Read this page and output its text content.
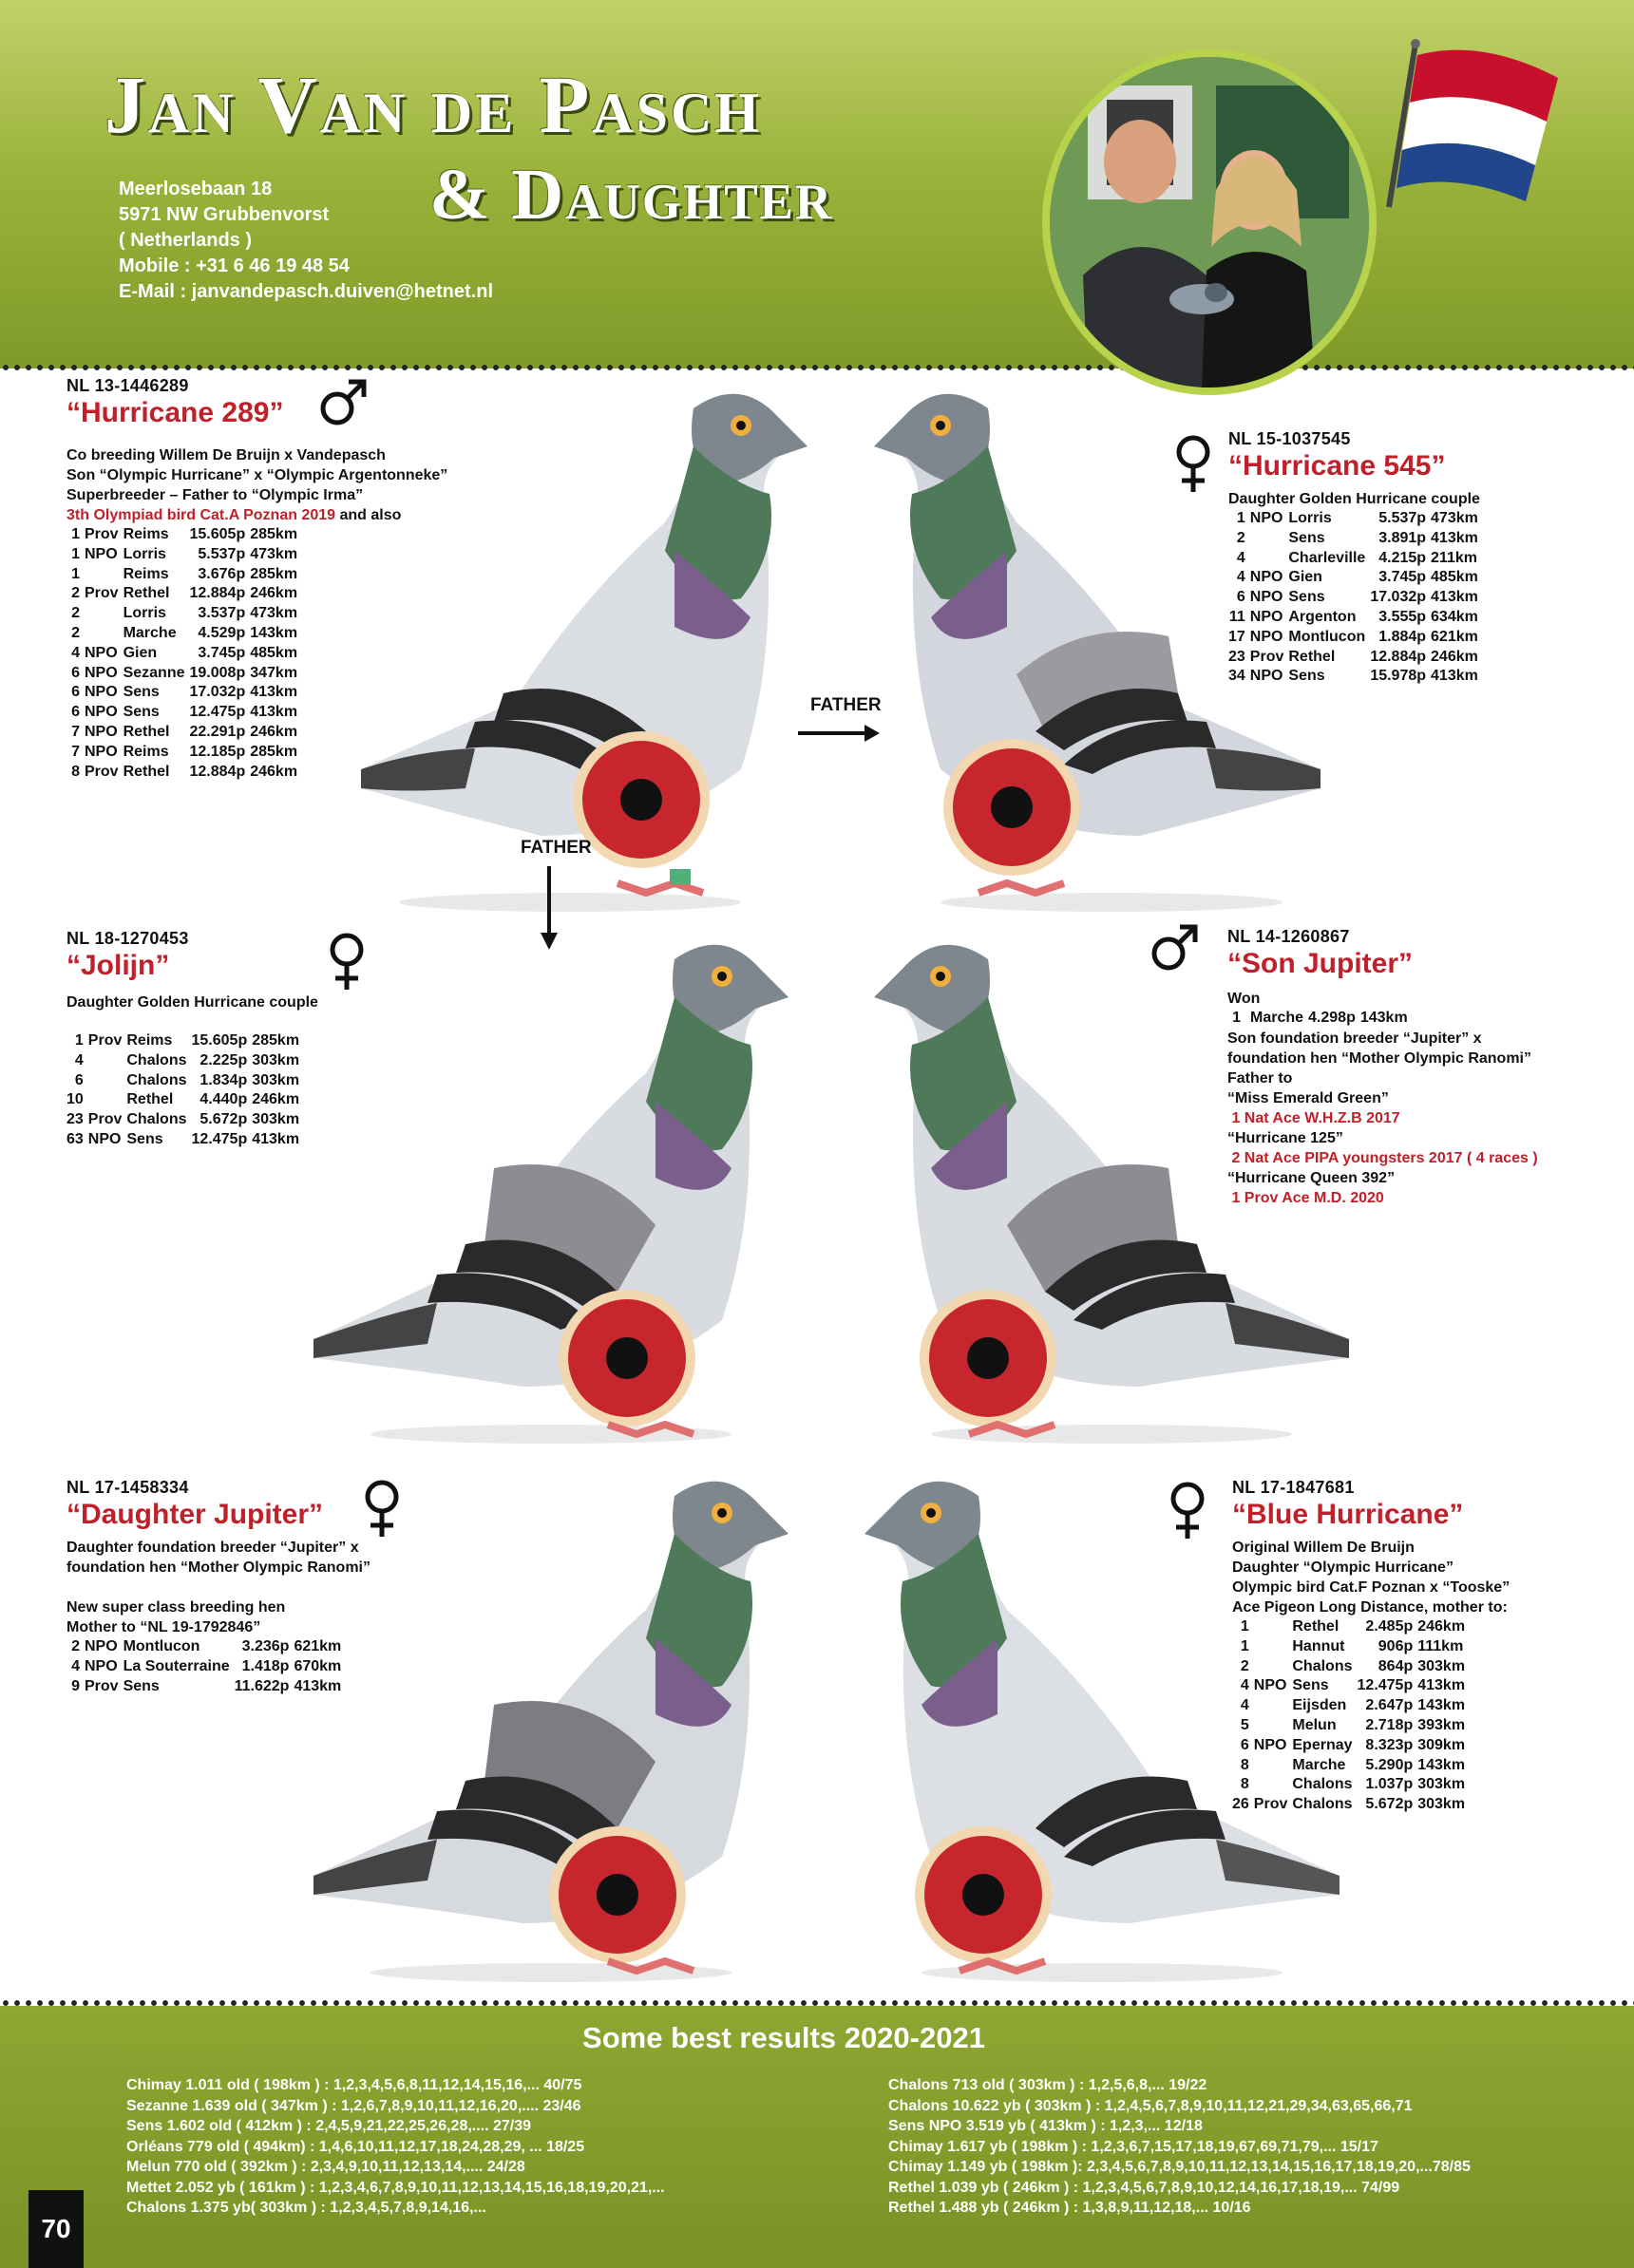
Jan Van de Pasch
& Daughter
Meerlosebaan 18
5971 NW Grubbenvorst
( Netherlands )
Mobile : +31 6 46 19 48 54
E-Mail : janvandepasch.duiven@hetnet.nl
FATHER
FATHER
NL 13-1446289
“Hurricane 289”
Co breeding Willem De Bruijn x Vandepasch
Son “Olympic Hurricane” x “Olympic Argentonneke”
Superbreeder – Father to “Olympic Irma”
3th Olympiad bird Cat.A Poznan 2019 and also
1	Prov	Reims	15.605p	285km
1	NPO	Lorris	5.537p	473km
1		Reims	3.676p	285km
2	Prov	Rethel	12.884p	246km
2		Lorris	3.537p	473km
2		Marche	4.529p	143km
4	NPO	Gien	3.745p	485km
6	NPO	Sezanne	19.008p	347km
6	NPO	Sens	17.032p	413km
6	NPO	Sens	12.475p	413km
7	NPO	Rethel	22.291p	246km
7	NPO	Reims	12.185p	285km
8	Prov	Rethel	12.884p	246km
NL 15-1037545
“Hurricane 545”
Daughter Golden Hurricane couple
1	NPO	Lorris	5.537p	473km
2		Sens	3.891p	413km
4		Charleville	4.215p	211km
4	NPO	Gien	3.745p	485km
6	NPO	Sens	17.032p	413km
11	NPO	Argenton	3.555p	634km
17	NPO	Montlucon	1.884p	621km
23	Prov	Rethel	12.884p	246km
34	NPO	Sens	15.978p	413km
NL 18-1270453
“Jolijn”
Daughter Golden Hurricane couple
1	Prov	Reims	15.605p	285km
4		Chalons	2.225p	303km
6		Chalons	1.834p	303km
10		Rethel	4.440p	246km
23	Prov	Chalons	5.672p	303km
63	NPO	Sens	12.475p	413km
NL 14-1260867
“Son Jupiter”
Won
1		Marche	4.298p	143km
Son foundation breeder “Jupiter” x
foundation hen “Mother Olympic Ranomi”
Father to
“Miss Emerald Green”
1 Nat Ace W.H.Z.B 2017
“Hurricane 125”
2 Nat Ace PIPA youngsters 2017 ( 4 races )
“Hurricane Queen 392”
1 Prov Ace M.D. 2020
NL 17-1458334
“Daughter Jupiter”
Daughter foundation breeder “Jupiter” x
foundation hen “Mother Olympic Ranomi”

New super class breeding hen
Mother to “NL 19-1792846”
2	NPO	Montlucon	3.236p	621km
4	NPO	La Souterraine	1.418p	670km
9	Prov	Sens	11.622p	413km
NL 17-1847681
“Blue Hurricane”
Original Willem De Bruijn
Daughter “Olympic Hurricane”
Olympic bird Cat.F Poznan x “Tooske”
Ace Pigeon Long Distance, mother to:
1		Rethel	2.485p	246km
1		Hannut	906p	111km
2		Chalons	864p	303km
4	NPO	Sens	12.475p	413km
4		Eijsden	2.647p	143km
5		Melun	2.718p	393km
6	NPO	Epernay	8.323p	309km
8		Marche	5.290p	143km
8		Chalons	1.037p	303km
26	Prov	Chalons	5.672p	303km
Some best results 2020-2021
Chimay 1.011 old ( 198km ) : 1,2,3,4,5,6,8,11,12,14,15,16,... 40/75
Sezanne 1.639 old ( 347km ) : 1,2,6,7,8,9,10,11,12,16,20,.... 23/46
Sens 1.602 old ( 412km ) : 2,4,5,9,21,22,25,26,28,.... 27/39
Orléans 779 old ( 494km) : 1,4,6,10,11,12,17,18,24,28,29, ... 18/25
Melun 770 old ( 392km ) : 2,3,4,9,10,11,12,13,14,.... 24/28
Mettet 2.052 yb ( 161km ) : 1,2,3,4,6,7,8,9,10,11,12,13,14,15,16,18,19,20,21,...
Chalons 1.375 yb( 303km ) : 1,2,3,4,5,7,8,9,14,16,...
Chalons 713 old ( 303km ) : 1,2,5,6,8,... 19/22
Chalons 10.622 yb ( 303km ) : 1,2,4,5,6,7,8,9,10,11,12,21,29,34,63,65,66,71
Sens NPO 3.519 yb ( 413km ) : 1,2,3,... 12/18
Chimay 1.617 yb ( 198km ) : 1,2,3,6,7,15,17,18,19,67,69,71,79,... 15/17
Chimay 1.149 yb ( 198km ): 2,3,4,5,6,7,8,9,10,11,12,13,14,15,16,17,18,19,20,...78/85
Rethel 1.039 yb ( 246km ) : 1,2,3,4,5,6,7,8,9,10,12,14,16,17,18,19,... 74/99
Rethel 1.488 yb ( 246km ) : 1,3,8,9,11,12,18,... 10/16
70
